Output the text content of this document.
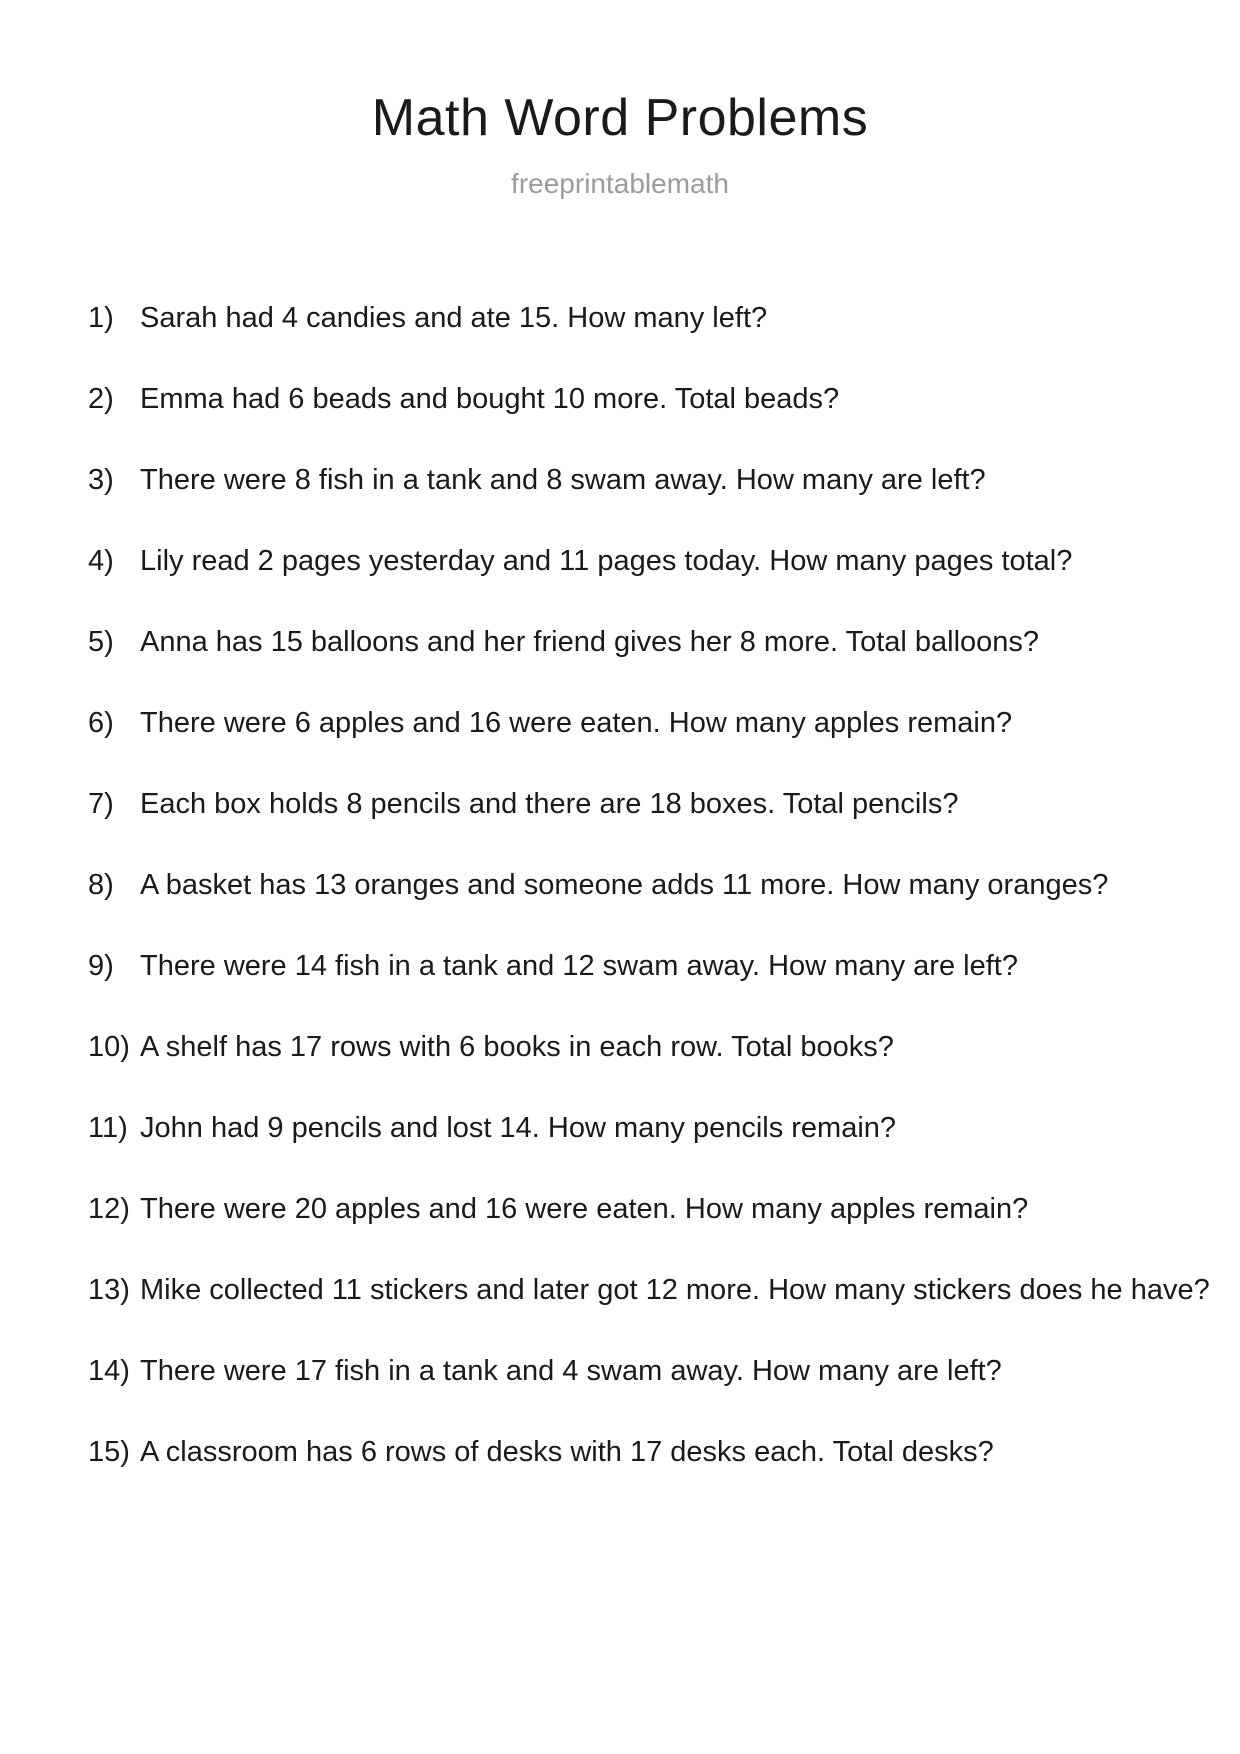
Math Word Problems
freeprintablemath
1) Sarah had 4 candies and ate 15. How many left?
2) Emma had 6 beads and bought 10 more. Total beads?
3) There were 8 fish in a tank and 8 swam away. How many are left?
4) Lily read 2 pages yesterday and 11 pages today. How many pages total?
5) Anna has 15 balloons and her friend gives her 8 more. Total balloons?
6) There were 6 apples and 16 were eaten. How many apples remain?
7) Each box holds 8 pencils and there are 18 boxes. Total pencils?
8) A basket has 13 oranges and someone adds 11 more. How many oranges?
9) There were 14 fish in a tank and 12 swam away. How many are left?
10) A shelf has 17 rows with 6 books in each row. Total books?
11) John had 9 pencils and lost 14. How many pencils remain?
12) There were 20 apples and 16 were eaten. How many apples remain?
13) Mike collected 11 stickers and later got 12 more. How many stickers does he have?
14) There were 17 fish in a tank and 4 swam away. How many are left?
15) A classroom has 6 rows of desks with 17 desks each. Total desks?
